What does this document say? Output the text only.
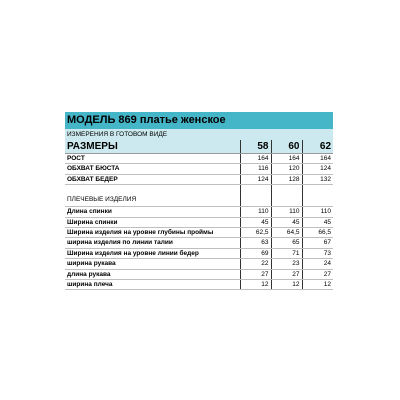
МОДЕЛЬ 869 платье женское			
ИЗМЕРЕНИЯ В ГОТОВОМ ВИДЕ			
РАЗМЕРЫ	58	60	62
РОСТ	164	164	164
ОБХВАТ БЮСТА	116	120	124
ОБХВАТ БЕДЕР	124	128	132

ПЛЕЧЕВЫЕ ИЗДЕЛИЯ			
Длина спинки	110	110	110
Ширина спинки	45	45	45
Ширина изделия на уровне глубины проймы	62,5	64,5	66,5
ширина изделия по линии талии	63	65	67
Ширина изделия на уровне линии бедер	69	71	73
ширина рукава	22	23	24
длина рукава	27	27	27
ширина плеча	12	12	12
